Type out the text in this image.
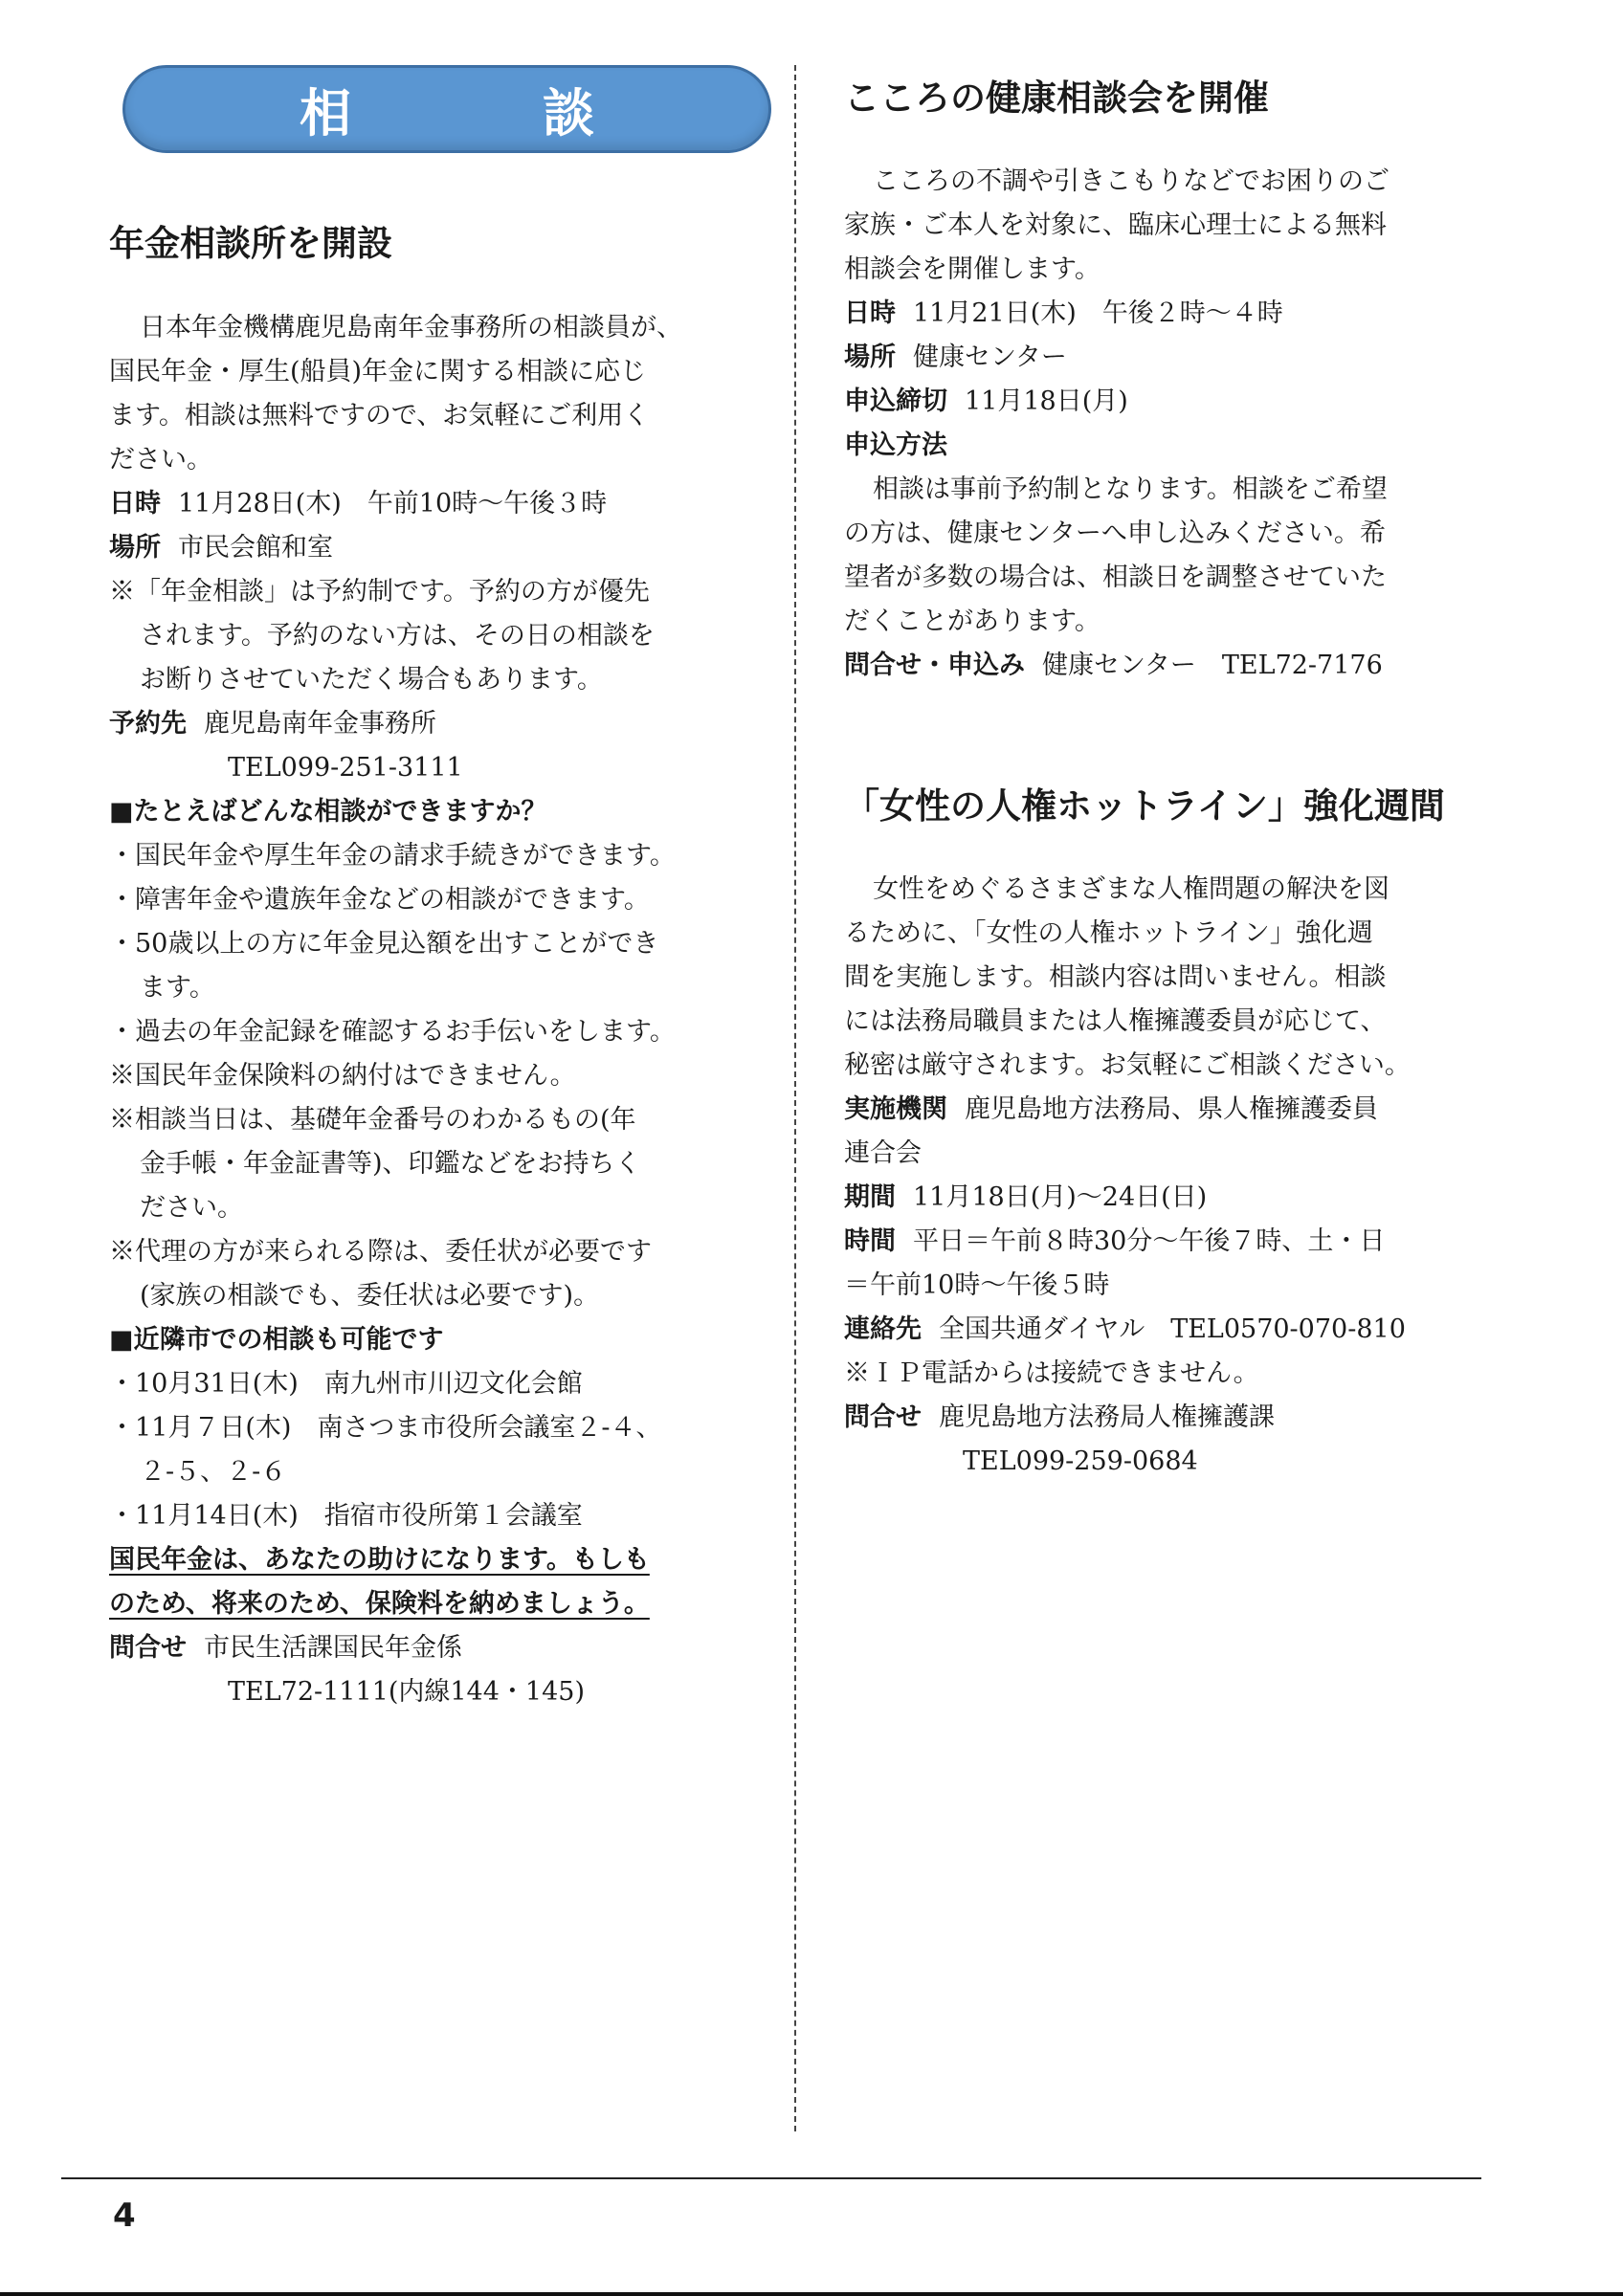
相談
年金相談所を開設
日本年金機構鹿児島南年金事務所の相談員が、
国民年金・厚生(船員)年金に関する相談に応じ
ます。相談は無料ですので、お気軽にご利用く
ださい。
日時 11月28日(木)　午前10時〜午後３時
場所 市民会館和室
※「年金相談」は予約制です。予約の方が優先
されます。予約のない方は、その日の相談を
お断りさせていただく場合もあります。
予約先 鹿児島南年金事務所
TEL099-251-3111
■たとえばどんな相談ができますか？
・国民年金や厚生年金の請求手続きができます。
・障害年金や遺族年金などの相談ができます。
・50歳以上の方に年金見込額を出すことができ
ます。
・過去の年金記録を確認するお手伝いをします。
※国民年金保険料の納付はできません。
※相談当日は、基礎年金番号のわかるもの(年
金手帳・年金証書等)、印鑑などをお持ちく
ださい。
※代理の方が来られる際は、委任状が必要です
(家族の相談でも、委任状は必要です)。
■近隣市での相談も可能です
・10月31日(木)　南九州市川辺文化会館
・11月７日(木)　南さつま市役所会議室２-４、
２-５、２-６
・11月14日(木)　指宿市役所第１会議室
国民年金は、あなたの助けになります。もしも
のため、将来のため、保険料を納めましょう。
問合せ 市民生活課国民年金係
TEL72-1111(内線144・145)
こころの健康相談会を開催
こころの不調や引きこもりなどでお困りのご
家族・ご本人を対象に、臨床心理士による無料
相談会を開催します。
日時 11月21日(木)　午後２時〜４時
場所 健康センター
申込締切 11月18日(月)
申込方法
相談は事前予約制となります。相談をご希望
の方は、健康センターへ申し込みください。希
望者が多数の場合は、相談日を調整させていた
だくことがあります。
問合せ・申込み 健康センター　TEL72-7176
「女性の人権ホットライン」強化週間
女性をめぐるさまざまな人権問題の解決を図
るために、「女性の人権ホットライン」強化週
間を実施します。相談内容は問いません。相談
には法務局職員または人権擁護委員が応じて、
秘密は厳守されます。お気軽にご相談ください。
実施機関 鹿児島地方法務局、県人権擁護委員
連合会
期間 11月18日(月)〜24日(日)
時間 平日＝午前８時30分〜午後７時、土・日
＝午前10時〜午後５時
連絡先 全国共通ダイヤル　TEL0570-070-810
※ＩＰ電話からは接続できません。
問合せ 鹿児島地方法務局人権擁護課
TEL099-259-0684
4
